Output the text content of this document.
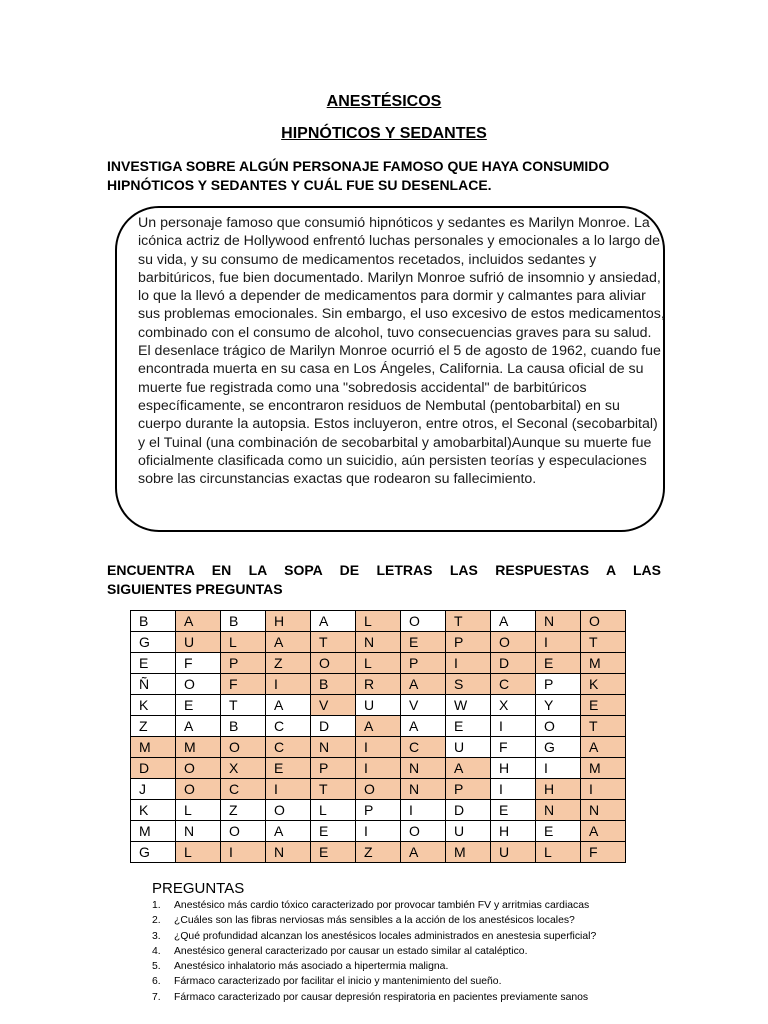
ANESTÉSICOS
HIPNÓTICOS Y SEDANTES
INVESTIGA SOBRE ALGÚN PERSONAJE FAMOSO QUE HAYA CONSUMIDO HIPNÓTICOS Y SEDANTES Y CUÁL FUE SU DESENLACE.
Un personaje famoso que consumió hipnóticos y sedantes es Marilyn Monroe. La icónica actriz de Hollywood enfrentó luchas personales y emocionales a lo largo de su vida, y su consumo de medicamentos recetados, incluidos sedantes y barbitúricos, fue bien documentado. Marilyn Monroe sufrió de insomnio y ansiedad, lo que la llevó a depender de medicamentos para dormir y calmantes para aliviar sus problemas emocionales. Sin embargo, el uso excesivo de estos medicamentos, combinado con el consumo de alcohol, tuvo consecuencias graves para su salud. El desenlace trágico de Marilyn Monroe ocurrió el 5 de agosto de 1962, cuando fue encontrada muerta en su casa en Los Ángeles, California. La causa oficial de su muerte fue registrada como una "sobredosis accidental" de barbitúricos específicamente, se encontraron residuos de Nembutal (pentobarbital) en su cuerpo durante la autopsia. Estos incluyeron, entre otros, el Seconal (secobarbital) y el Tuinal (una combinación de secobarbital y amobarbital)Aunque su muerte fue oficialmente clasificada como un suicidio, aún persisten teorías y especulaciones sobre las circunstancias exactas que rodearon su fallecimiento.
ENCUENTRA EN LA SOPA DE LETRAS LAS RESPUESTAS A LAS
SIGUIENTES PREGUNTAS
B	A	B	H	A	L	O	T	A	N	O
G	U	L	A	T	N	E	P	O	I	T
E	F	P	Z	O	L	P	I	D	E	M
Ñ	O	F	I	B	R	A	S	C	P	K
K	E	T	A	V	U	V	W	X	Y	E
Z	A	B	C	D	A	A	E	I	O	T
M	M	O	C	N	I	C	U	F	G	A
D	O	X	E	P	I	N	A	H	I	M
J	O	C	I	T	O	N	P	I	H	I
K	L	Z	O	L	P	I	D	E	N	N
M	N	O	A	E	I	O	U	H	E	A
G	L	I	N	E	Z	A	M	U	L	F
PREGUNTAS
1. Anestésico más cardio tóxico caracterizado por provocar también FV y arritmias cardiacas
2. ¿Cuáles son las fibras nerviosas más sensibles a la acción de los anestésicos locales?
3. ¿Qué profundidad alcanzan los anestésicos locales administrados en anestesia superficial?
4. Anestésico general caracterizado por causar un estado similar al cataléptico.
5. Anestésico inhalatorio más asociado a hipertermia maligna.
6. Fármaco caracterizado por facilitar el inicio y mantenimiento del sueño.
7. Fármaco caracterizado por causar depresión respiratoria en pacientes previamente sanos
